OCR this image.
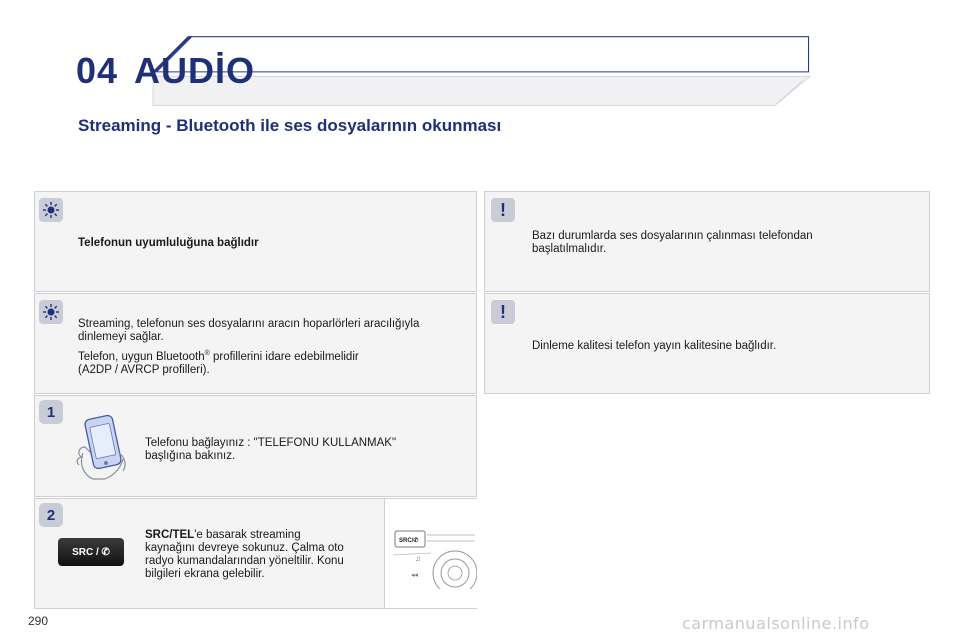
04 AUDİO
Streaming - Bluetooth ile ses dosyalarının okunması
Telefonun uyumluluğuna bağlıdır
Streaming, telefonun ses dosyalarını aracın hoparlörleri aracılığıyla
dinlemeyi sağlar.
Telefon, uygun Bluetooth® profillerini idare edebilmelidir
(A2DP / AVRCP profilleri).
1
Telefonu bağlayınız : "TELEFONU KULLANMAK"
başlığına bakınız.
2
SRC/TEL'e basarak streaming
kaynağını devreye sokunuz. Çalma oto
radyo kumandalarından yöneltilir. Konu
bilgileri ekrana gelebilir.
SRC/✆
♫
◂◂
SRC / ✆
!
Bazı durumlarda ses dosyalarının çalınması telefondan
başlatılmalıdır.
!
Dinleme kalitesi telefon yayın kalitesine bağlıdır.
290	carmanualsonline.info
